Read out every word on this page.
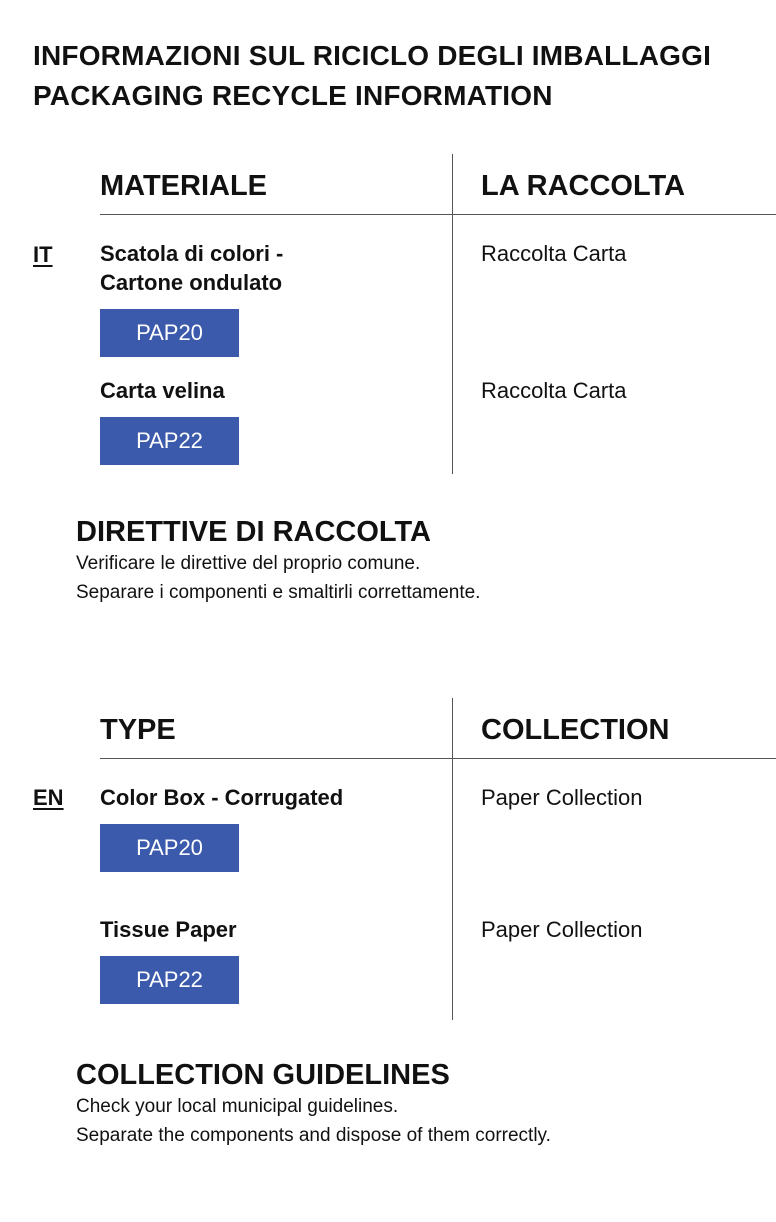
INFORMAZIONI SUL RICICLO DEGLI IMBALLAGGI
PACKAGING RECYCLE INFORMATION
MATERIALE	LA RACCOLTA
IT Scatola di colori -
Cartone ondulato
PAP20
Raccolta Carta
Carta velina
PAP22
Raccolta Carta
DIRETTIVE DI RACCOLTA
Verificare le direttive del proprio comune.
Separare i componenti e smaltirli correttamente.
TYPE	COLLECTION
EN Color Box - Corrugated
PAP20
Paper Collection
Tissue Paper
PAP22
Paper Collection
COLLECTION GUIDELINES
Check your local municipal guidelines.
Separate the components and dispose of them correctly.
